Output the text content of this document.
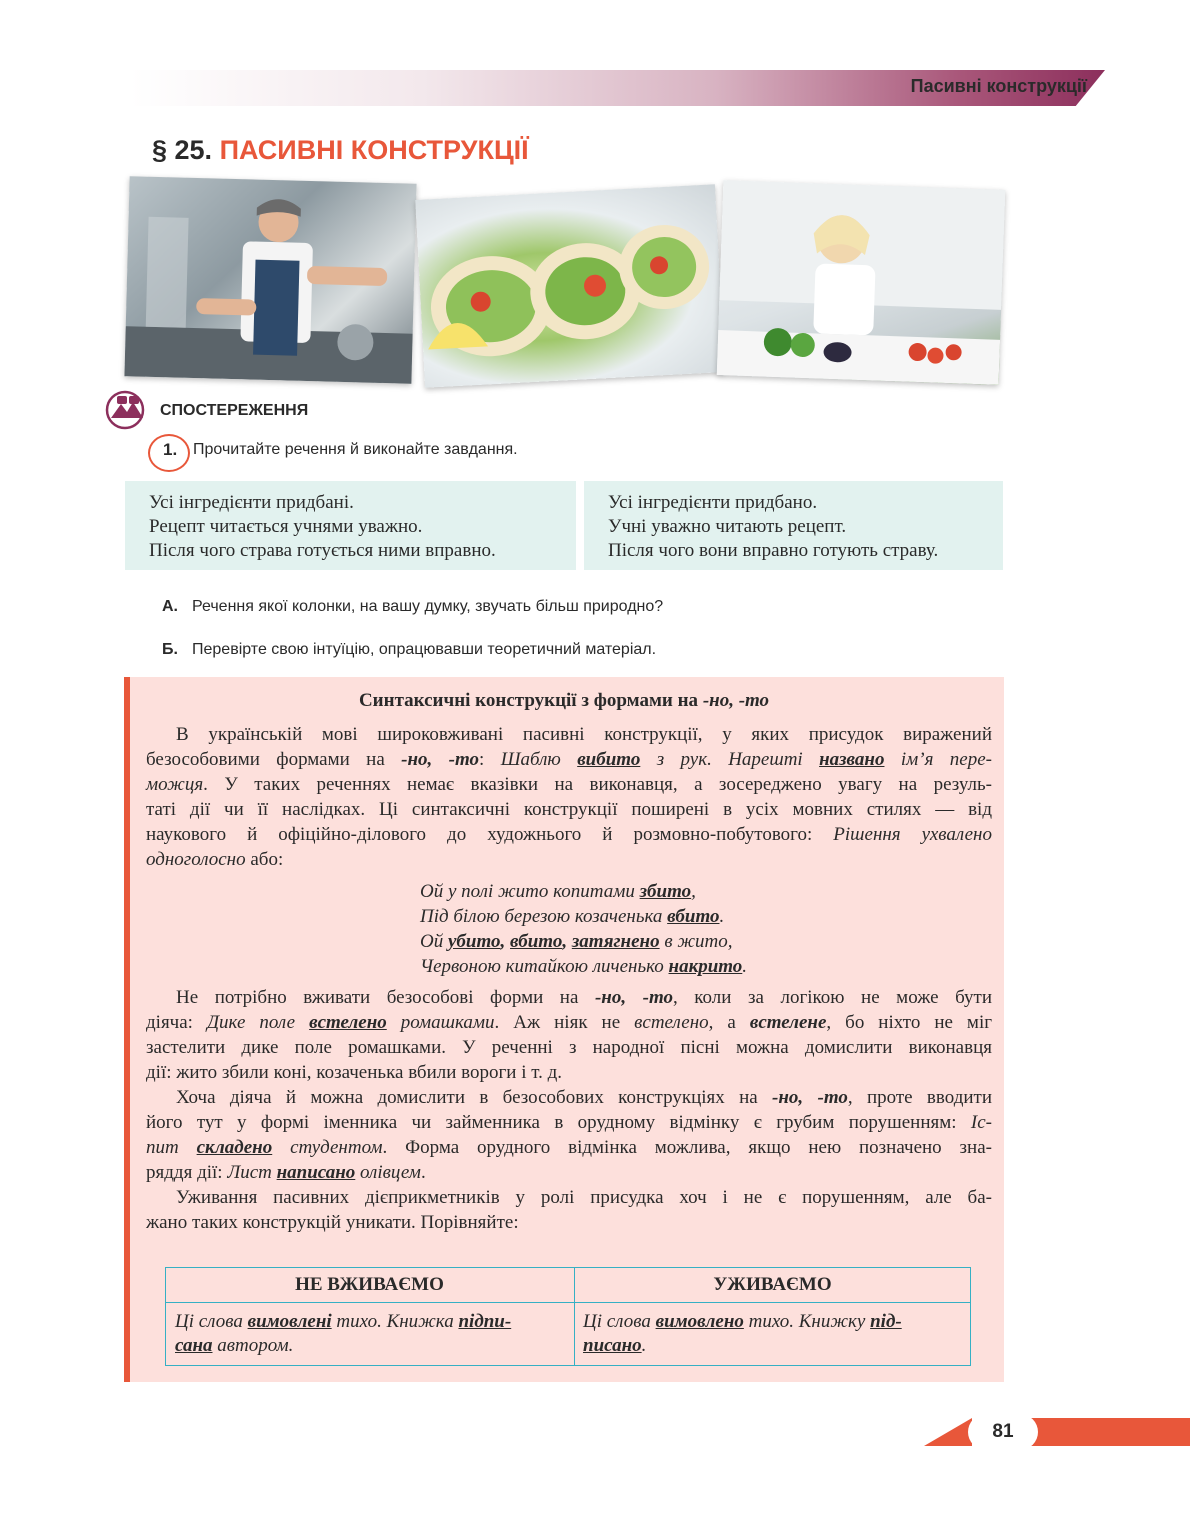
Пасивні конструкції
§ 25. ПАСИВНІ КОНСТРУКЦІЇ
СПОСТЕРЕЖЕННЯ
1. Прочитайте речення й виконайте завдання.
Усі інгредієнти придбані.
Рецепт читається учнями уважно.
Після чого страва готується ними вправно.
Усі інгредієнти придбано.
Учні уважно читають рецепт.
Після чого вони вправно готують страву.
А. Речення якої колонки, на вашу думку, звучать більш природно?
Б. Перевірте свою інтуїцію, опрацювавши теоретичний матеріал.
Синтаксичні конструкції з формами на -но, -то
В українській мові широковживані пасивні конструкції, у яких присудок виражений
безособовими формами на -но, -то: Шаблю вибито з рук. Нарешті названо ім’я пере-
можця. У таких реченнях немає вказівки на виконавця, а зосереджено увагу на резуль-
таті дії чи її наслідках. Ці синтаксичні конструкції поширені в усіх мовних стилях — від
наукового й офіційно-ділового до художнього й розмовно-побутового: Рішення ухвалено
одноголосно або:
Ой у полі жито копитами збито,
Під білою березою козаченька вбито.
Ой убито, вбито, затягнено в жито,
Червоною китайкою личенько накрито.
Не потрібно вживати безособові форми на -но, -то, коли за логікою не може бути
діяча: Дике поле вcтелено ромашками. Аж ніяк не вcтелено, а вcтелене, бо ніхто не міг
застелити дике поле ромашками. У реченні з народної пісні можна домислити виконавця
дії: жито збили коні, козаченька вбили вороги і т. д.
Хоча діяча й можна домислити в безособових конструкціях на -но, -то, проте вводити
його тут у формі іменника чи займенника в орудному відмінку є грубим порушенням: Іс-
пит складено студентом. Форма орудного відмінка можлива, якщо нею позначено зна-
ряддя дії: Лист написано олівцем.
Уживання пасивних дієприкметників у ролі присудка хоч і не є порушенням, але ба-
жано таких конструкцій уникати. Порівняйте:
НЕ ВЖИВАЄМО	УЖИВАЄМО
Ці слова вимовлені тихо. Книжка підпи-
сана автором.
Ці слова вимовлено тихо. Книжку під-
писано.
81
